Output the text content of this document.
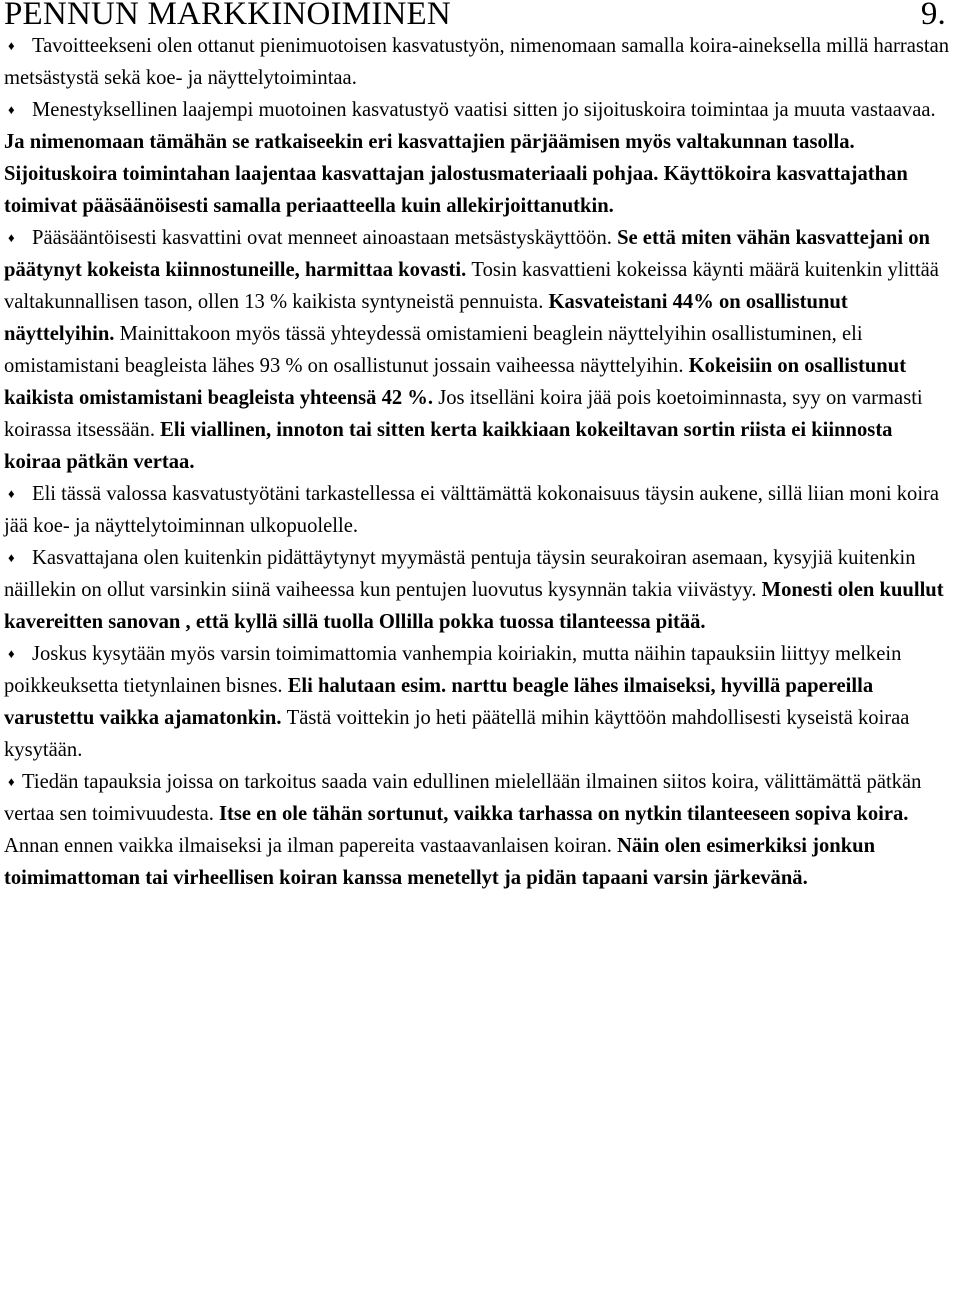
PENNUN MARKKINOIMINEN	9.

♦ Tavoitteekseni olen ottanut pienimuotoisen kasvatustyön, nimenomaan samalla koira-aineksella millä harrastan metsästystä sekä koe- ja näyttelytoimintaa.

♦ Menestyksellinen laajempi muotoinen kasvatustyö vaatisi sitten jo sijoituskoira toimintaa ja muuta vastaavaa. Ja nimenomaan tämähän se ratkaiseekin eri kasvattajien pärjäämisen myös valtakunnan tasolla. Sijoituskoira toimintahan laajentaa kasvattajan jalostusmateriaali pohjaa. Käyttökoira kasvattajathan toimivat pääsäänöisesti samalla periaatteella kuin allekirjoittanutkin.

♦ Pääsääntöisesti kasvattini ovat menneet ainoastaan metsästyskäyttöön. Se että miten vähän kasvattejani on päätynyt kokeista kiinnostuneille, harmittaa kovasti. Tosin kasvattieni kokeissa käynti määrä kuitenkin ylittää valtakunnallisen tason, ollen 13 % kaikista syntyneistä pennuista. Kasvateistani 44% on osallistunut näyttelyihin. Mainittakoon myös tässä yhteydessä omistamieni beaglein näyttelyihin osallistuminen, eli omistamistani beagleista lähes 93 % on osallistunut jossain vaiheessa näyttelyihin. Kokeisiin on osallistunut kaikista omistamistani beagleista yhteensä 42 %. Jos itselläni koira jää pois koetoiminnasta, syy on varmasti koirassa itsessään. Eli viallinen, innoton tai sitten kerta kaikkiaan kokeiltavan sortin riista ei kiinnosta koiraa pätkän vertaa.

♦ Eli tässä valossa kasvatustyötäni tarkastellessa ei välttämättä kokonaisuus täysin aukene, sillä liian moni koira jää koe- ja näyttelytoiminnan ulkopuolelle.

♦ Kasvattajana olen kuitenkin pidättäytynyt myymästä pentuja täysin seurakoiran asemaan, kysyjiä kuitenkin näillekin on ollut varsinkin siinä vaiheessa kun pentujen luovutus kysynnän takia viivästyy. Monesti olen kuullut kavereitten sanovan , että kyllä sillä tuolla Ollilla pokka tuossa tilanteessa pitää.

♦ Joskus kysytään myös varsin toimimattomia vanhempia koiriakin, mutta näihin tapauksiin liittyy melkein poikkeuksetta tietynlainen bisnes. Eli halutaan esim. narttu beagle lähes ilmaiseksi, hyvillä papereilla varustettu vaikka ajamatonkin. Tästä voittekin jo heti päätellä mihin käyttöön mahdollisesti kyseistä koiraa kysytään.

♦ Tiedän tapauksia joissa on tarkoitus saada vain edullinen mielellään ilmainen siitos koira, välittämättä pätkän vertaa sen toimivuudesta. Itse en ole tähän sortunut, vaikka tarhassa on nytkin tilanteeseen sopiva koira. Annan ennen vaikka ilmaiseksi ja ilman papereita vastaavanlaisen koiran. Näin olen esimerkiksi jonkun toimimattoman tai virheellisen koiran kanssa menetellyt ja pidän tapaani varsin järkevänä.
